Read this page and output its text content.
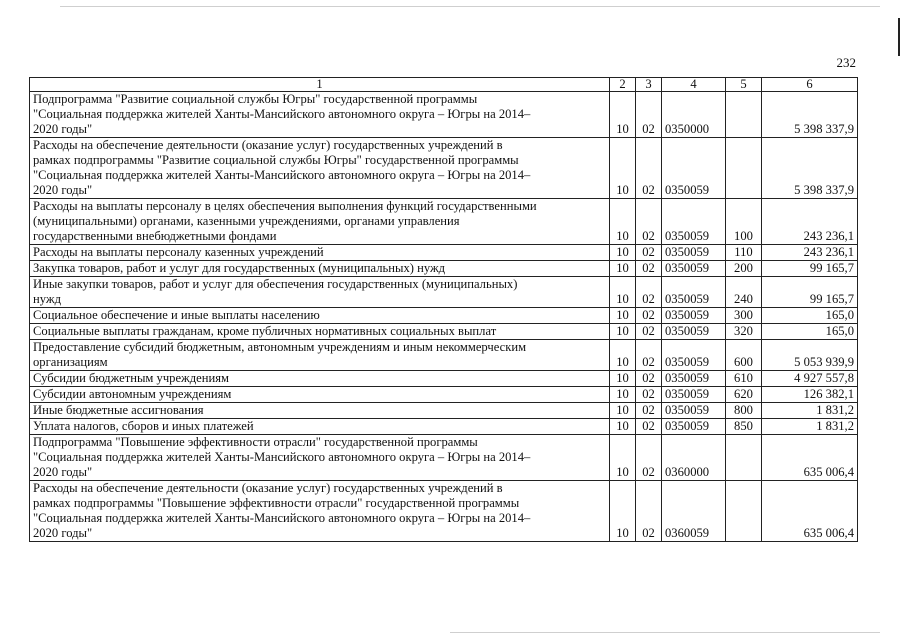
232
1	2	3	4	5	6
Подпрограмма "Развитие социальной службы Югры" государственной программы
"Социальная поддержка жителей Ханты-Мансийского автономного округа – Югры на 2014–
2020 годы"	10	02	0350000		5 398 337,9
Расходы на обеспечение деятельности (оказание услуг) государственных учреждений в
рамках подпрограммы "Развитие социальной службы Югры" государственной программы
"Социальная поддержка жителей Ханты-Мансийского автономного округа – Югры на 2014–
2020 годы"	10	02	0350059		5 398 337,9
Расходы на выплаты персоналу в целях обеспечения выполнения функций государственными
(муниципальными) органами, казенными учреждениями, органами управления
государственными внебюджетными фондами	10	02	0350059	100	243 236,1
Расходы на выплаты персоналу казенных учреждений	10	02	0350059	110	243 236,1
Закупка товаров, работ и услуг для государственных (муниципальных) нужд	10	02	0350059	200	99 165,7
Иные закупки товаров, работ и услуг для обеспечения государственных (муниципальных)
нужд	10	02	0350059	240	99 165,7
Социальное обеспечение и иные выплаты населению	10	02	0350059	300	165,0
Социальные выплаты гражданам, кроме публичных нормативных социальных выплат	10	02	0350059	320	165,0
Предоставление субсидий бюджетным, автономным учреждениям и иным некоммерческим
организациям	10	02	0350059	600	5 053 939,9
Субсидии бюджетным учреждениям	10	02	0350059	610	4 927 557,8
Субсидии автономным учреждениям	10	02	0350059	620	126 382,1
Иные бюджетные ассигнования	10	02	0350059	800	1 831,2
Уплата налогов, сборов и иных платежей	10	02	0350059	850	1 831,2
Подпрограмма "Повышение эффективности отрасли" государственной программы
"Социальная поддержка жителей Ханты-Мансийского автономного округа – Югры на 2014–
2020 годы"	10	02	0360000		635 006,4
Расходы на обеспечение деятельности (оказание услуг) государственных учреждений в
рамках подпрограммы "Повышение эффективности отрасли" государственной программы
"Социальная поддержка жителей Ханты-Мансийского автономного округа – Югры на 2014–
2020 годы"	10	02	0360059		635 006,4
